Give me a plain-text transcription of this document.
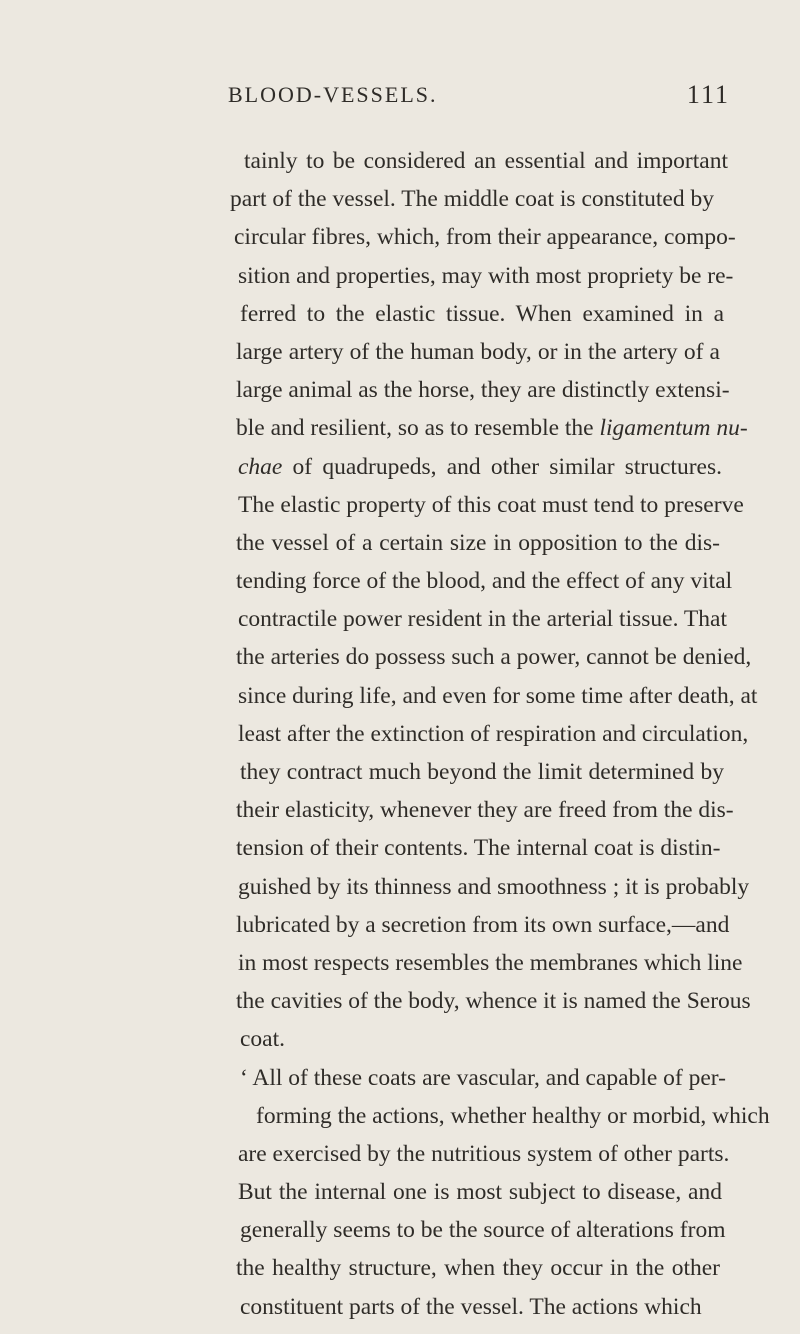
BLOOD-VESSELS.	111
tainly to be considered an essential and important
part of the vessel. The middle coat is constituted by
circular fibres, which, from their appearance, compo-
sition and properties, may with most propriety be re-
ferred to the elastic tissue. When examined in a
large artery of the human body, or in the artery of a
large animal as the horse, they are distinctly extensi-
ble and resilient, so as to resemble the ligamentum nu-
chae of quadrupeds, and other similar structures.
The elastic property of this coat must tend to preserve
the vessel of a certain size in opposition to the dis-
tending force of the blood, and the effect of any vital
contractile power resident in the arterial tissue. That
the arteries do possess such a power, cannot be denied,
since during life, and even for some time after death, at
least after the extinction of respiration and circulation,
they contract much beyond the limit determined by
their elasticity, whenever they are freed from the dis-
tension of their contents. The internal coat is distin-
guished by its thinness and smoothness ; it is probably
lubricated by a secretion from its own surface,—and
in most respects resembles the membranes which line
the cavities of the body, whence it is named the Serous
coat.
‘ All of these coats are vascular, and capable of per-
forming the actions, whether healthy or morbid, which
are exercised by the nutritious system of other parts.
But the internal one is most subject to disease, and
generally seems to be the source of alterations from
the healthy structure, when they occur in the other
constituent parts of the vessel. The actions which
